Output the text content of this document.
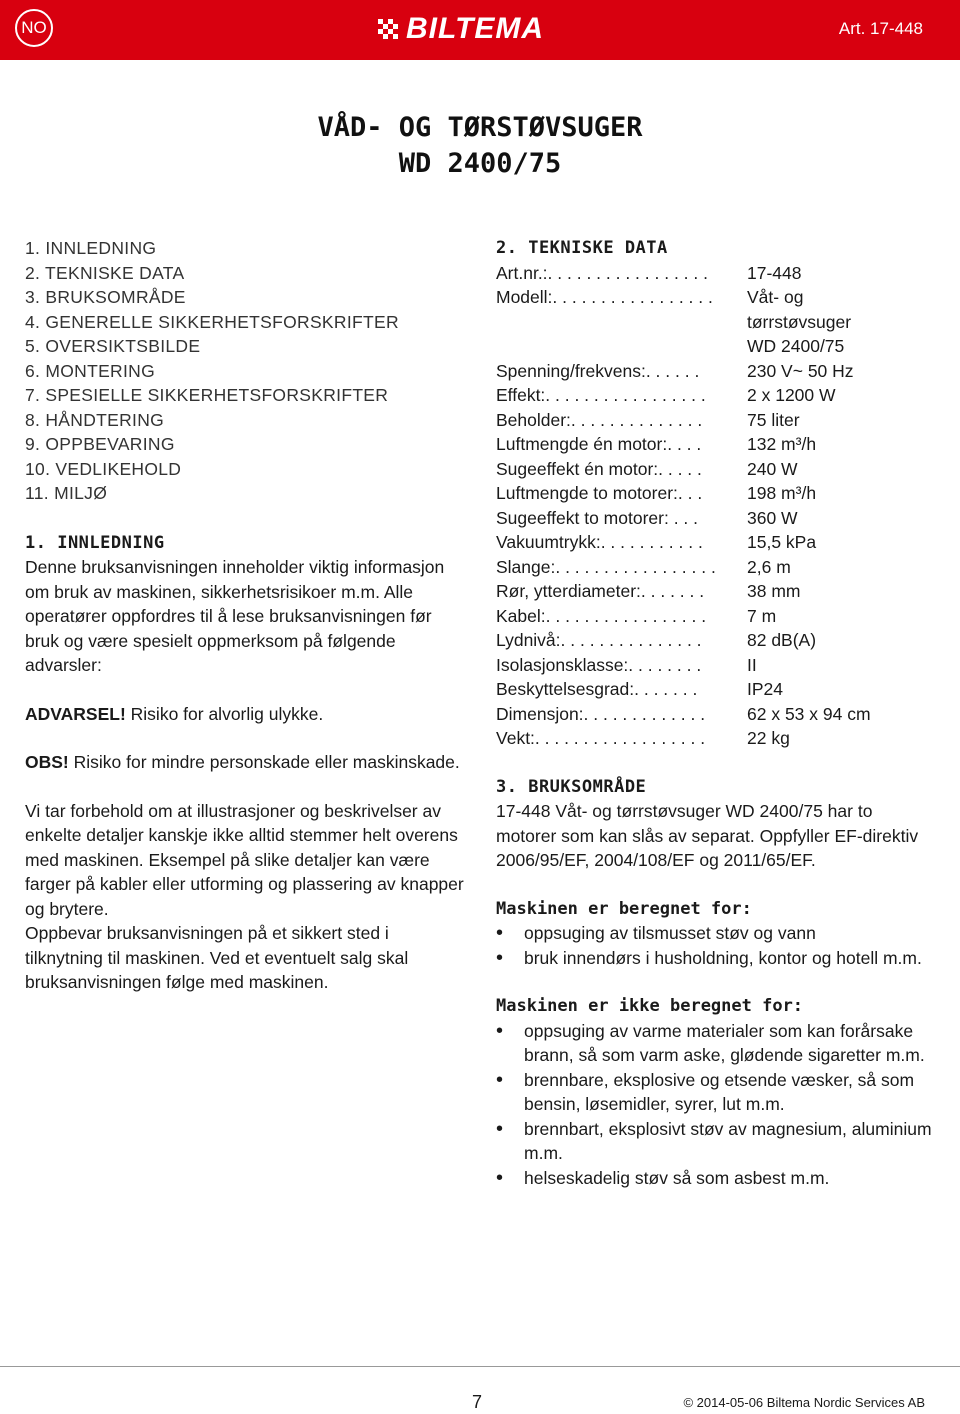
NO	BILTEMA	Art. 17-448
VÅD- OG TØRSTØVSUGER
WD 2400/75
1. INNLEDNING
2. TEKNISKE DATA
3. BRUKSOMRÅDE
4. GENERELLE SIKKERHETSFORSKRIFTER
5. OVERSIKTSBILDE
6. MONTERING
7. SPESIELLE SIKKERHETSFORSKRIFTER
8. HÅNDTERING
9. OPPBEVARING
10. VEDLIKEHOLD
11. MILJØ
1. INNLEDNING

Denne bruksanvisningen inneholder viktig informasjon om bruk av maskinen, sikkerhetsrisikoer m.m. Alle operatører oppfordres til å lese bruksanvisningen før bruk og være spesielt oppmerksom på følgende advarsler:

ADVARSEL! Risiko for alvorlig ulykke.

OBS! Risiko for mindre personskade eller maskinskade.

Vi tar forbehold om at illustrasjoner og beskrivelser av enkelte detaljer kanskje ikke alltid stemmer helt overens med maskinen. Eksempel på slike detaljer kan være farger på kabler eller utforming og plassering av knapper og brytere.

Oppbevar bruksanvisningen på et sikkert sted i tilknytning til maskinen. Ved et eventuelt salg skal bruksanvisningen følge med maskinen.

2. TEKNISKE DATA
Art.nr.:. . . . . . . . . . . . . . . . . 17-448
Modell:. . . . . . . . . . . . . . . . . Våt- og
tørrstøvsuger
WD 2400/75
Spenning/frekvens:. . . . . .	230 V~ 50 Hz
Effekt:. . . . . . . . . . . . . . . . . 2 x 1200 W
Beholder:. . . . . . . . . . . . . .	75 liter
Luftmengde én motor:. . . .	132 m³/h
Sugeeffekt én motor:. . . . .	240 W
Luftmengde to motorer:. . .	198 m³/h
Sugeeffekt to motorer: . . .	360 W
Vakuumtrykk:. . . . . . . . . . .	15,5 kPa
Slange:. . . . . . . . . . . . . . . . . 2,6 m
Rør, ytterdiameter:. . . . . . . 38 mm
Kabel:. . . . . . . . . . . . . . . . . 7 m
Lydnivå:. . . . . . . . . . . . . . .	82 dB(A)
Isolasjonsklasse:. . . . . . . .	II
Beskyttelsesgrad:. . . . . . .	IP24
Dimensjon:. . . . . . . . . . . . . 62 x 53 x 94 cm
Vekt:. . . . . . . . . . . . . . . . . . 22 kg
3. BRUKSOMRÅDE

17-448 Våt- og tørrstøvsuger WD 2400/75 har to motorer som kan slås av separat. Oppfyller EF-direktiv 2006/95/EF, 2004/108/EF og 2011/65/EF.

Maskinen er beregnet for:
• oppsuging av tilsmusset støv og vann
• bruk innendørs i husholdning, kontor og hotell m.m.
Maskinen er ikke beregnet for:
• oppsuging av varme materialer som kan forårsake brann, så som varm aske, glødende sigaretter m.m.
• brennbare, eksplosive og etsende væsker, så som bensin, løsemidler, syrer, lut m.m.
• brennbart, eksplosivt støv av magnesium, aluminium m.m.
• helseskadelig støv så som asbest m.m.
7	© 2014-05-06 Biltema Nordic Services AB
